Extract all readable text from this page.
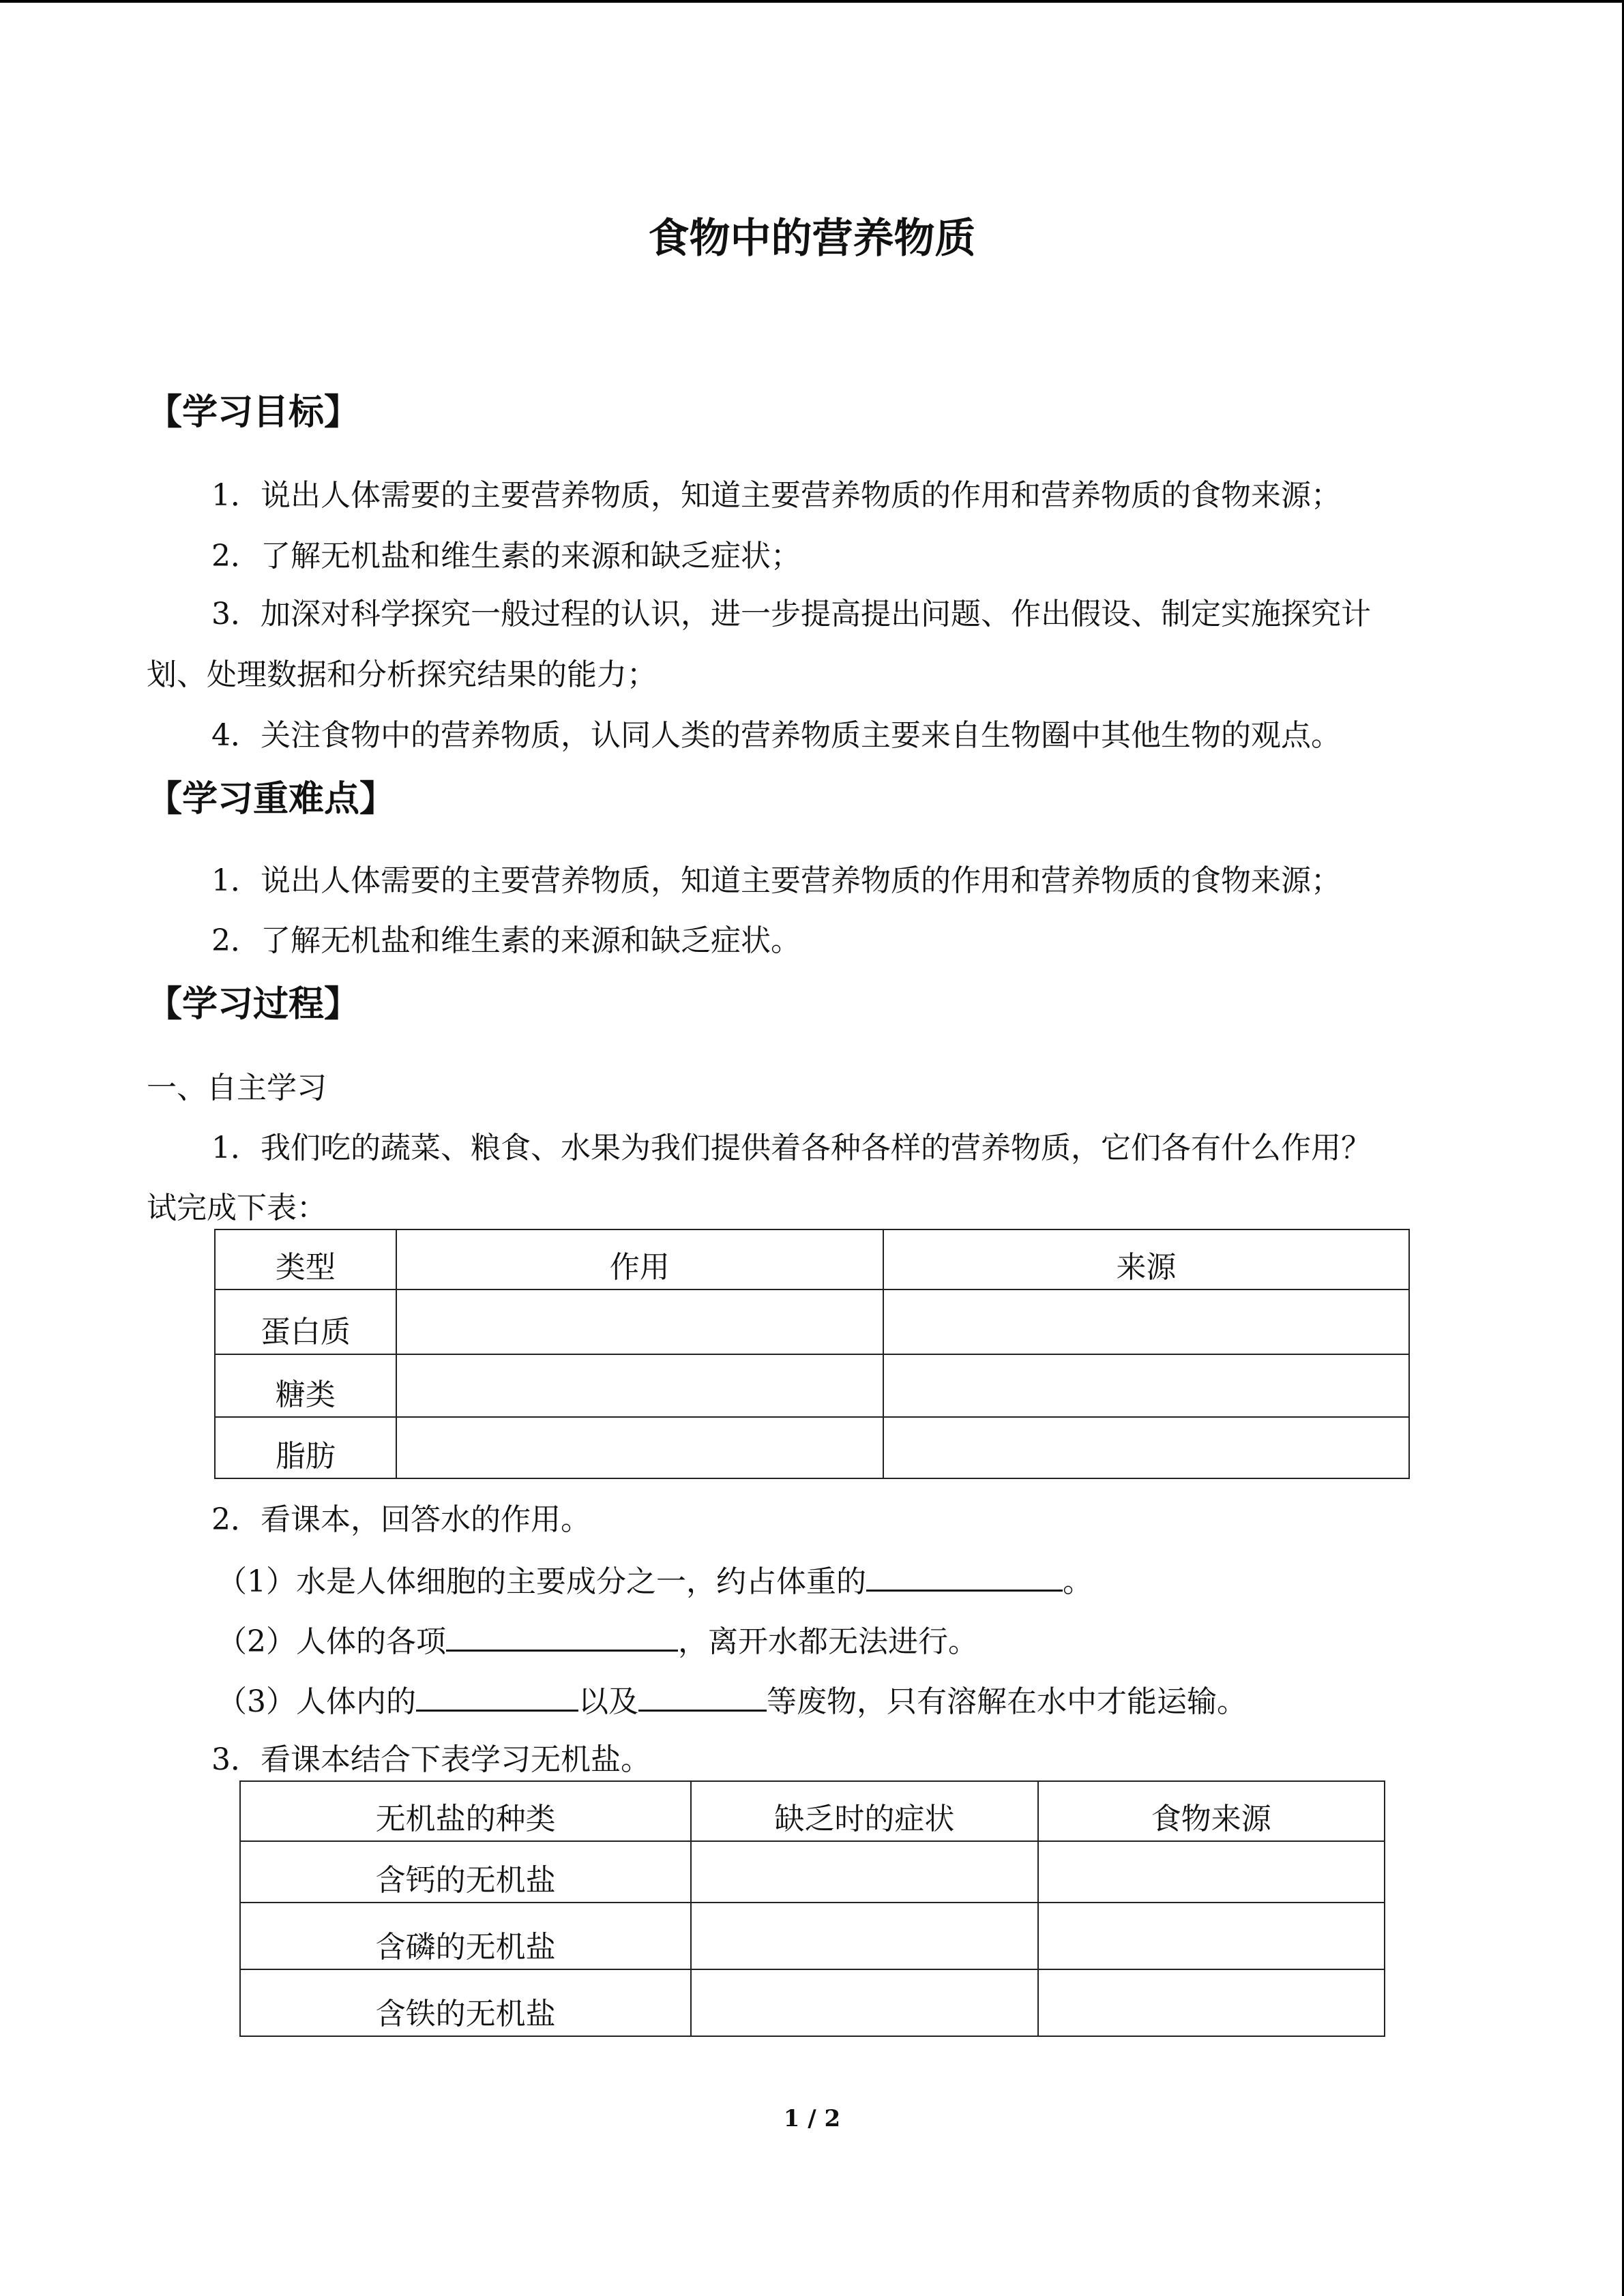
食物中的营养物质
【学习目标】
1．说出人体需要的主要营养物质，知道主要营养物质的作用和营养物质的食物来源；
2．了解无机盐和维生素的来源和缺乏症状；
3．加深对科学探究一般过程的认识，进一步提高提出问题、作出假设、制定实施探究计
划、处理数据和分析探究结果的能力；
4．关注食物中的营养物质，认同人类的营养物质主要来自生物圈中其他生物的观点。
【学习重难点】
1．说出人体需要的主要营养物质，知道主要营养物质的作用和营养物质的食物来源；
2．了解无机盐和维生素的来源和缺乏症状。
【学习过程】
一、自主学习
1．我们吃的蔬菜、粮食、水果为我们提供着各种各样的营养物质，它们各有什么作用？
试完成下表：
类型	作用	来源
蛋白质		
糖类		
脂肪		
2．看课本，回答水的作用。
（1）水是人体细胞的主要成分之一，约占体重的	。
（2）人体的各项	，离开水都无法进行。
（3）人体内的	以及	等废物，只有溶解在水中才能运输。
3．看课本结合下表学习无机盐。
无机盐的种类	缺乏时的症状	食物来源
含钙的无机盐		
含磷的无机盐		
含铁的无机盐		
1 / 2
